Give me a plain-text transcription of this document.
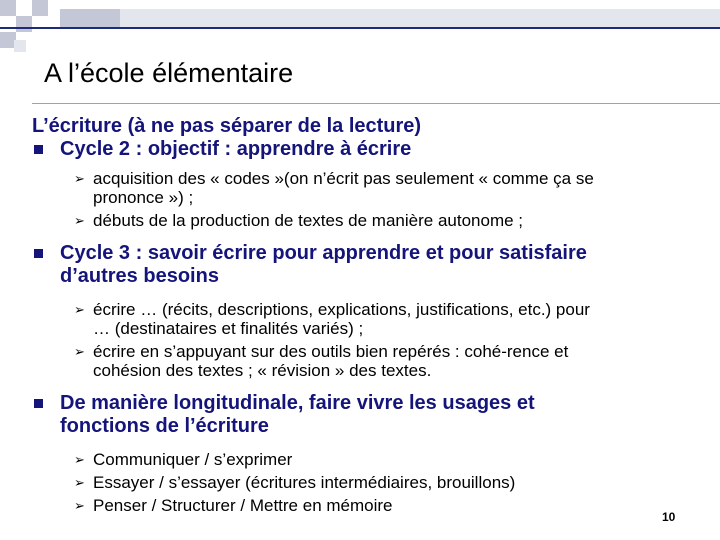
A l’école élémentaire
L’écriture (à ne pas séparer de la lecture)
Cycle 2 : objectif : apprendre à écrire
➢ acquisition des « codes »(on n’écrit pas seulement « comme ça se
prononce ») ;
➢ débuts de la production de textes de manière autonome ;
Cycle 3 : savoir écrire pour apprendre et pour satisfaire
d’autres besoins
➢ écrire … (récits, descriptions, explications, justifications, etc.) pour
… (destinataires et finalités variés) ;
➢ écrire en s’appuyant sur des outils bien repérés : cohé-rence et
cohésion des textes ; « révision » des textes.
De manière longitudinale, faire vivre les usages et
fonctions de l’écriture
➢ Communiquer / s’exprimer
➢ Essayer / s’essayer (écritures intermédiaires, brouillons)
➢ Penser / Structurer / Mettre en mémoire
10
